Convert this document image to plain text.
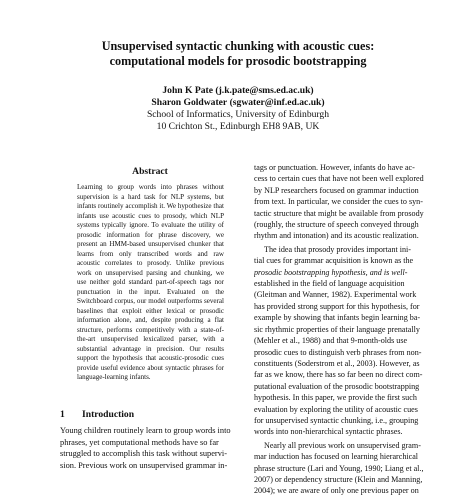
Unsupervised syntactic chunking with acoustic cues:
computational models for prosodic bootstrapping
John K Pate (j.k.pate@sms.ed.ac.uk)
Sharon Goldwater (sgwater@inf.ed.ac.uk)
School of Informatics, University of Edinburgh
10 Crichton St., Edinburgh EH8 9AB, UK
Abstract
Learning to group words into phrases without supervision is a hard task for NLP systems, but infants routinely accomplish it. We hypothesize that infants use acoustic cues to prosody, which NLP systems typically ignore. To evaluate the utility of prosodic information for phrase discovery, we present an HMM-based unsupervised chunker that learns from only transcribed words and raw acoustic correlates to prosody. Unlike previous work on unsupervised parsing and chunking, we use neither gold standard part-of-speech tags nor punctuation in the input. Evaluated on the Switchboard corpus, our model outperforms several baselines that exploit either lexical or prosodic information alone, and, despite producing a flat structure, performs competitively with a state-of-the-art unsupervised lexicalized parser, with a substantial advantage in precision. Our results support the hypothesis that acoustic-prosodic cues provide useful evidence about syntactic phrases for language-learning infants.
1 Introduction
Young children routinely learn to group words into
phrases, yet computational methods have so far
struggled to accomplish this task without supervi-
sion. Previous work on unsupervised grammar in-

tags or punctuation. However, infants do have ac-
cess to certain cues that have not been well explored
by NLP researchers focused on grammar induction
from text. In particular, we consider the cues to syn-
tactic structure that might be available from prosody
(roughly, the structure of speech conveyed through
rhythm and intonation) and its acoustic realization.

The idea that prosody provides important ini-
tial cues for grammar acquisition is known as the
prosodic bootstrapping hypothesis, and is well-
established in the field of language acquisition
(Gleitman and Wanner, 1982). Experimental work
has provided strong support for this hypothesis, for
example by showing that infants begin learning ba-
sic rhythmic properties of their language prenatally
(Mehler et al., 1988) and that 9-month-olds use
prosodic cues to distinguish verb phrases from non-
constituents (Soderstrom et al., 2003). However, as
far as we know, there has so far been no direct com-
putational evaluation of the prosodic bootstrapping
hypothesis. In this paper, we provide the first such
evaluation by exploring the utility of acoustic cues
for unsupervised syntactic chunking, i.e., grouping
words into non-hierarchical syntactic phrases.

Nearly all previous work on unsupervised gram-
mar induction has focused on learning hierarchical
phrase structure (Lari and Young, 1990; Liang et al.,
2007) or dependency structure (Klein and Manning,
2004); we are aware of only one previous paper on
